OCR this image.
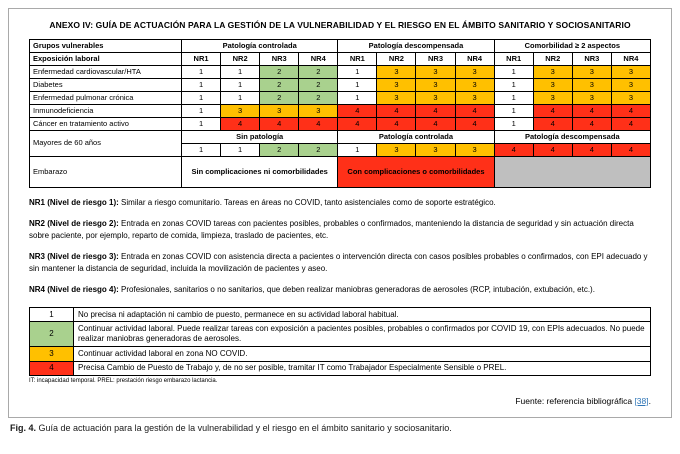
ANEXO IV: GUÍA DE ACTUACIÓN PARA LA GESTIÓN DE LA VULNERABILIDAD Y EL RIESGO EN EL ÁMBITO SANITARIO Y SOCIOSANITARIO
Grupos vulnerables	Patología controlada				Patología descompensada				Comorbilidad ≥ 2 aspectos			
Exposición laboral	NR1	NR2	NR3	NR4	NR1	NR2	NR3	NR4	NR1	NR2	NR3	NR4
Enfermedad cardiovascular/HTA	1	1	2	2	1	3	3	3	1	3	3	3
Diabetes	1	1	2	2	1	3	3	3	1	3	3	3
Enfermedad pulmonar crónica	1	1	2	2	1	3	3	3	1	3	3	3
Inmunodeficiencia	1	3	3	3	4	4	4	4	1	4	4	4
Cáncer en tratamiento activo	1	4	4	4	4	4	4	4	1	4	4	4
Mayores de 60 años	Sin patología				Patología controlada				Patología descompensada			
	1	1	2	2	1	3	3	3	4	4	4	4
Embarazo	Sin complicaciones ni comorbilidades				Con complicaciones o comorbilidades							
NR1 (Nivel de riesgo 1): Similar a riesgo comunitario. Tareas en áreas no COVID, tanto asistenciales como de soporte estratégico.
NR2 (Nivel de riesgo 2): Entrada en zonas COVID tareas con pacientes posibles, probables o confirmados, manteniendo la distancia de seguridad y sin actuación directa sobre paciente, por ejemplo, reparto de comida, limpieza, traslado de pacientes, etc.
NR3 (Nivel de riesgo 3): Entrada en zonas COVID con asistencia directa a pacientes o intervención directa con casos posibles probables o confirmados, con EPI adecuado y sin mantener la distancia de seguridad, incluida la movilización de pacientes y aseo.
NR4 (Nivel de riesgo 4): Profesionales, sanitarios o no sanitarios, que deben realizar maniobras generadoras de aerosoles (RCP, intubación, extubación, etc.).
1	No precisa ni adaptación ni cambio de puesto, permanece en su actividad laboral habitual.
2	Continuar actividad laboral. Puede realizar tareas con exposición a pacientes posibles, probables o confirmados por COVID 19, con EPIs adecuados. No puede realizar maniobras generadoras de aerosoles.
3	Continuar actividad laboral en zona NO COVID.
4	Precisa Cambio de Puesto de Trabajo y, de no ser posible, tramitar IT como Trabajador Especialmente Sensible o PREL.
IT: incapacidad temporal. PREL: prestación riesgo embarazo lactancia.
Fuente: referencia bibliográfica [38].
Fig. 4. Guía de actuación para la gestión de la vulnerabilidad y el riesgo en el ámbito sanitario y sociosanitario.
